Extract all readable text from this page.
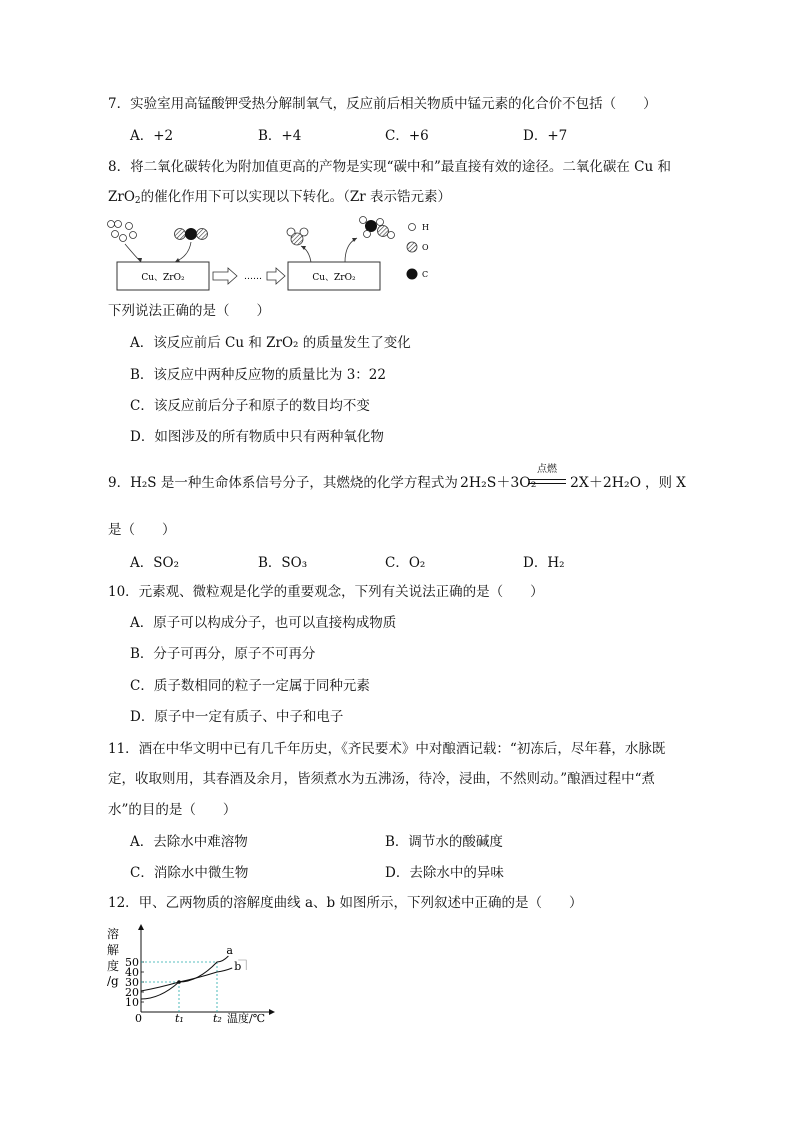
7．实验室用高锰酸钾受热分解制氧气，反应前后相关物质中锰元素的化合价不包括（　　）
A．+2	B．+4	C．+6	D．+7
8．将二氧化碳转化为附加值更高的产物是实现“碳中和”最直接有效的途径。二氧化碳在 Cu 和
ZrO$_2$的催化作用下可以实现以下转化。（Zr 表示锆元素）
Cu、ZrO₂	……	Cu、ZrO₂
H
O
C
下列说法正确的是（　　）
A．该反应前后 Cu 和 ZrO₂ 的质量发生了变化
B．该反应中两种反应物的质量比为 3：22
C．该反应前后分子和原子的数目均不变
D．如图涉及的所有物质中只有两种氧化物
9．H₂S 是一种生命体系信号分子，其燃烧的化学方程式为 2H₂S＋3O₂
点燃
2X＋2H₂O ，则 X
是（　　）
A．SO₂	B．SO₃	C．O₂	D．H₂
10．元素观、微粒观是化学的重要观念，下列有关说法正确的是（　　）
A．原子可以构成分子，也可以直接构成物质
B．分子可再分，原子不可再分
C．质子数相同的粒子一定属于同种元素
D．原子中一定有质子、中子和电子
11．酒在中华文明中已有几千年历史，《齐民要术》中对酿酒记载：“初冻后，尽年暮，水脉既
定，收取则用，其春酒及余月，皆须煮水为五沸汤，待冷，浸曲，不然则动。”酿酒过程中“煮
水”的目的是（　　）
A．去除水中难溶物	B．调节水的酸碱度
C．消除水中微生物	D．去除水中的异味
12．甲、乙两物质的溶解度曲线 a、b 如图所示，下列叙述中正确的是（　　）
溶
解
度
/g
10
20
30
40
50
0	t₁	t₂ 温度/℃
a
b
